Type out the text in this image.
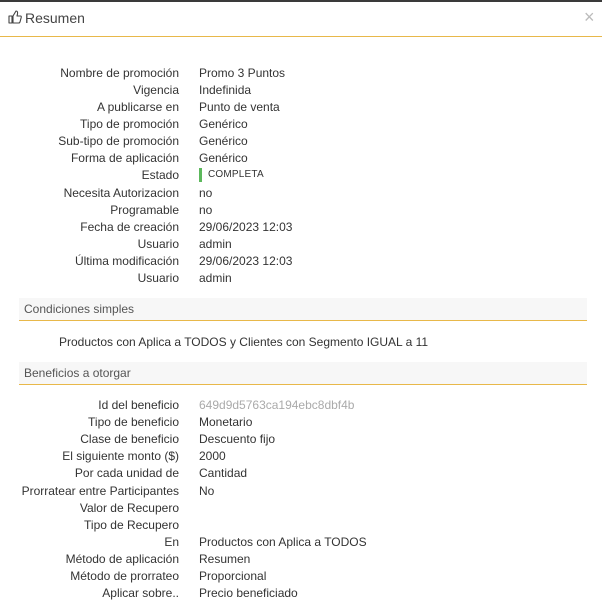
Resumen	×
Nombre de promoción Promo 3 Puntos
Vigencia Indefinida
A publicarse en Punto de venta
Tipo de promoción Genérico
Sub-tipo de promoción Genérico
Forma de aplicación Genérico
Estado	COMPLETA
Necesita Autorizacion no
Programable no
Fecha de creación 29/06/2023 12:03
Usuario admin
Última modificación 29/06/2023 12:03
Usuario admin
Condiciones simples
Productos con Aplica a TODOS y Clientes con Segmento IGUAL a 11
Beneficios a otorgar
Id del beneficio 649d9d5763ca194ebc8dbf4b
Tipo de beneficio Monetario
Clase de beneficio Descuento fijo
El siguiente monto ($) 2000
Por cada unidad de Cantidad
Prorratear entre Participantes No
Valor de Recupero
Tipo de Recupero
En Productos con Aplica a TODOS
Método de aplicación Resumen
Método de prorrateo Proporcional
Aplicar sobre.. Precio beneficiado
